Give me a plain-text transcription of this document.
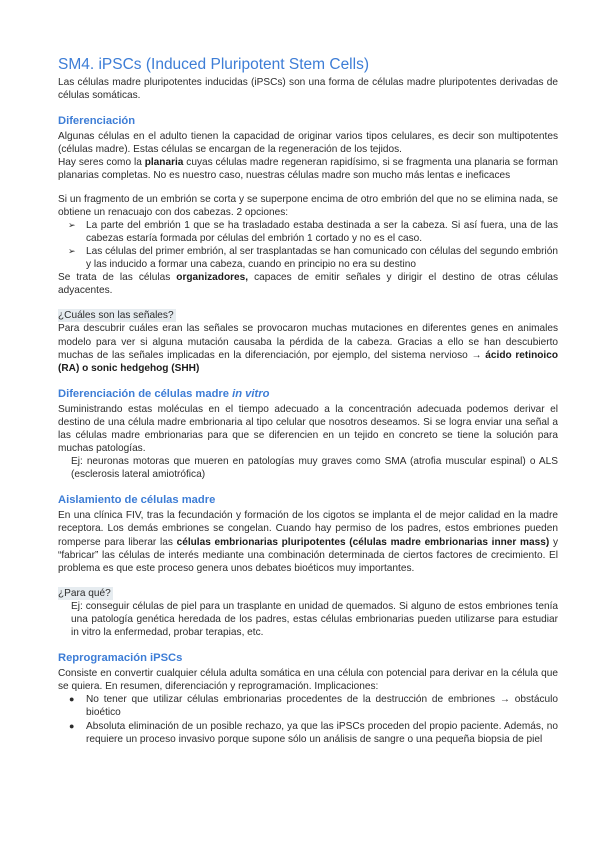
SM4. iPSCs (Induced Pluripotent Stem Cells)

Las células madre pluripotentes inducidas (iPSCs) son una forma de células madre pluripotentes derivadas de células somáticas.

Diferenciación

Algunas células en el adulto tienen la capacidad de originar varios tipos celulares, es decir son multipotentes (células madre). Estas células se encargan de la regeneración de los tejidos.

Hay seres como la planaria cuyas células madre regeneran rapidísimo, si se fragmenta una planaria se forman planarias completas. No es nuestro caso, nuestras células madre son mucho más lentas e ineficaces

Si un fragmento de un embrión se corta y se superpone encima de otro embrión del que no se elimina nada, se obtiene un renacuajo con dos cabezas. 2 opciones:

➢ La parte del embrión 1 que se ha trasladado estaba destinada a ser la cabeza. Si así fuera, una de las cabezas estaría formada por células del embrión 1 cortado y no es el caso.
➢ Las células del primer embrión, al ser trasplantadas se han comunicado con células del segundo embrión y las inducido a formar una cabeza, cuando en principio no era su destino

Se trata de las células organizadores, capaces de emitir señales y dirigir el destino de otras células adyacentes.

¿Cuáles son las señales?

Para descubrir cuáles eran las señales se provocaron muchas mutaciones en diferentes genes en animales modelo para ver si alguna mutación causaba la pérdida de la cabeza. Gracias a ello se han descubierto muchas de las señales implicadas en la diferenciación, por ejemplo, del sistema nervioso → ácido retinoico (RA) o sonic hedgehog (SHH)

Diferenciación de células madre in vitro

Suministrando estas moléculas en el tiempo adecuado a la concentración adecuada podemos derivar el destino de una célula madre embrionaria al tipo celular que nosotros deseamos. Si se logra enviar una señal a las células madre embrionarias para que se diferencien en un tejido en concreto se tiene la solución para muchas patologías.

Ej: neuronas motoras que mueren en patologías muy graves como SMA (atrofia muscular espinal) o ALS (esclerosis lateral amiotrófica)

Aislamiento de células madre

En una clínica FIV, tras la fecundación y formación de los cigotos se implanta el de mejor calidad en la madre receptora. Los demás embriones se congelan. Cuando hay permiso de los padres, estos embriones pueden romperse para liberar las células embrionarias pluripotentes (células madre embrionarias inner mass) y “fabricar” las células de interés mediante una combinación determinada de ciertos factores de crecimiento. El problema es que este proceso genera unos debates bioéticos muy importantes.

¿Para qué?

Ej: conseguir células de piel para un trasplante en unidad de quemados. Si alguno de estos embriones tenía una patología genética heredada de los padres, estas células embrionarias pueden utilizarse para estudiar in vitro la enfermedad, probar terapias, etc.

Reprogramación iPSCs

Consiste en convertir cualquier célula adulta somática en una célula con potencial para derivar en la célula que se quiera. En resumen, diferenciación y reprogramación. Implicaciones:

● No tener que utilizar células embrionarias procedentes de la destrucción de embriones → obstáculo bioético
● Absoluta eliminación de un posible rechazo, ya que las iPSCs proceden del propio paciente. Además, no requiere un proceso invasivo porque supone sólo un análisis de sangre o una pequeña biopsia de piel
